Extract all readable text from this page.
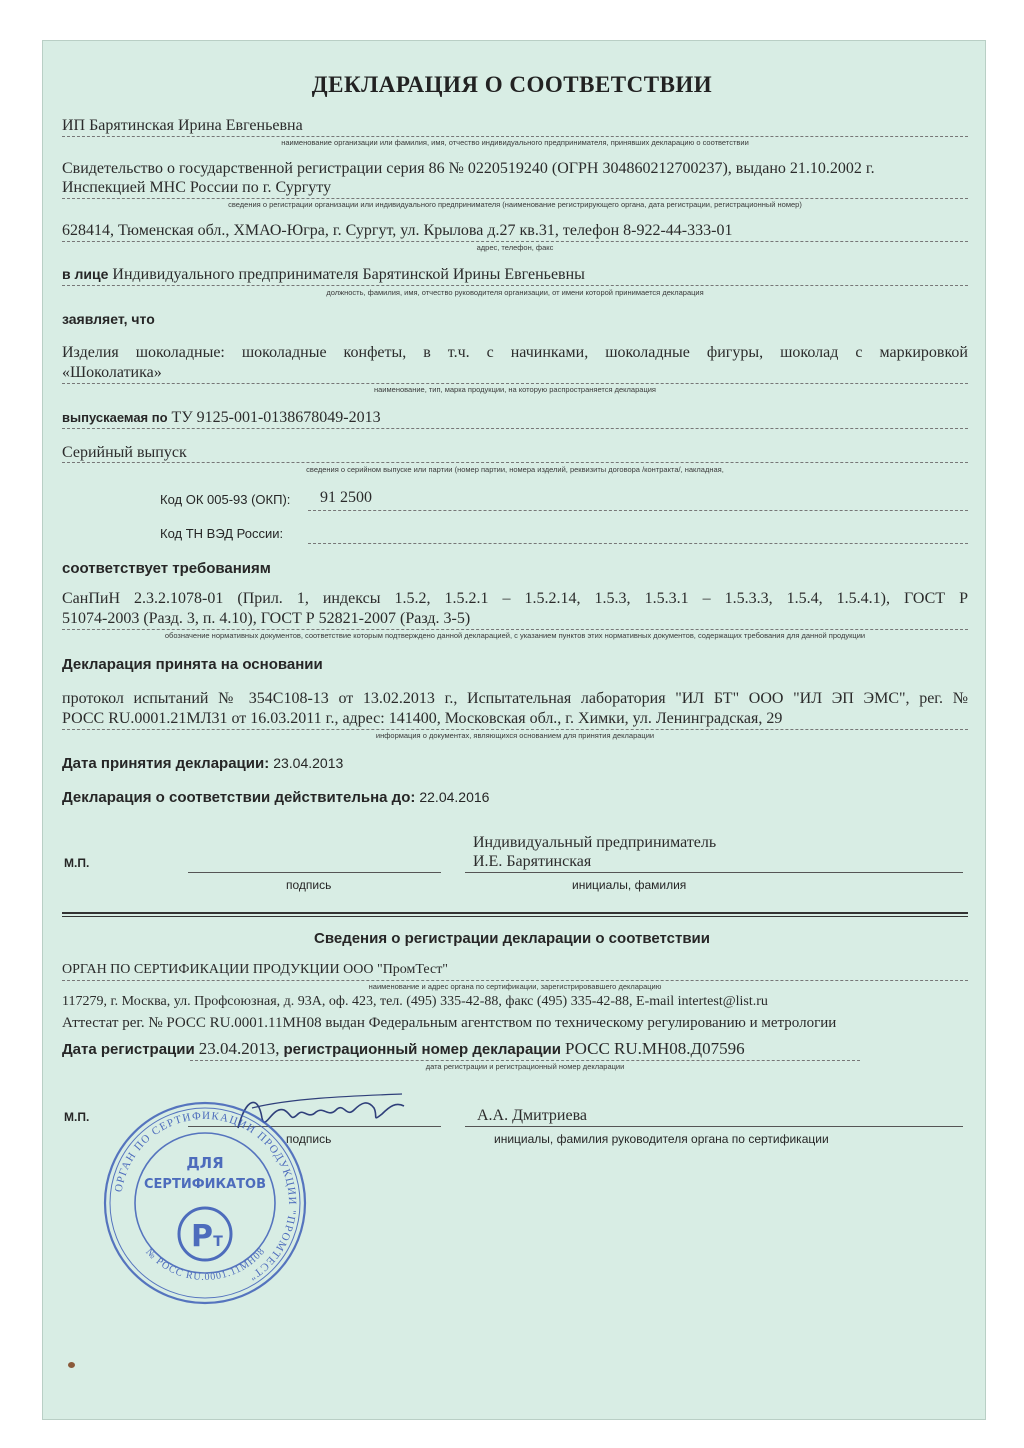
ДЕКЛАРАЦИЯ О СООТВЕТСТВИИ
ИП Барятинская Ирина Евгеньевна
наименование организации или фамилия, имя, отчество индивидуального предпринимателя, принявших декларацию о соответствии
Свидетельство о государственной регистрации серия 86 № 0220519240 (ОГРН 304860212700237), выдано 21.10.2002 г.
Инспекцией МНС России по г. Сургуту
сведения о регистрации организации или индивидуального предпринимателя (наименование регистрирующего органа, дата регистрации, регистрационный номер)
628414, Тюменская обл., ХМАО-Югра, г. Сургут, ул. Крылова д.27 кв.31, телефон 8-922-44-333-01
адрес, телефон, факс
в лице Индивидуального предпринимателя Барятинской Ирины Евгеньевны
должность, фамилия, имя, отчество руководителя организации, от имени которой принимается декларация
заявляет, что
Изделия шоколадные: шоколадные конфеты, в т.ч. с начинками, шоколадные фигуры, шоколад с маркировкой
«Шоколатика»
наименование, тип, марка продукции, на которую распространяется декларация
выпускаемая по ТУ 9125-001-0138678049-2013
Серийный выпуск
сведения о серийном выпуске или партии (номер партии, номера изделий, реквизиты договора /контракта/, накладная,
Код ОК 005-93 (ОКП): 91 2500
Код ТН ВЭД России:
соответствует требованиям
СанПиН 2.3.2.1078-01 (Прил. 1, индексы 1.5.2, 1.5.2.1 – 1.5.2.14, 1.5.3, 1.5.3.1 – 1.5.3.3, 1.5.4, 1.5.4.1), ГОСТ Р
51074-2003 (Разд. 3, п. 4.10), ГОСТ Р 52821-2007 (Разд. 3-5)
обозначение нормативных документов, соответствие которым подтверждено данной декларацией, с указанием пунктов этих нормативных документов, содержащих требования для данной продукции
Декларация принята на основании
протокол испытаний № 354С108-13 от 13.02.2013 г., Испытательная лаборатория "ИЛ БТ" ООО "ИЛ ЭП ЭМС", рег. №
РОСС RU.0001.21МЛ31 от 16.03.2011 г., адрес: 141400, Московская обл., г. Химки, ул. Ленинградская, 29
информация о документах, являющихся основанием для принятия декларации
Дата принятия декларации: 23.04.2013
Декларация о соответствии действительна до: 22.04.2016
М.П.
подпись
Индивидуальный предприниматель
И.Е. Барятинская
инициалы, фамилия
Сведения о регистрации декларации о соответствии
ОРГАН ПО СЕРТИФИКАЦИИ ПРОДУКЦИИ ООО "ПромТест"
наименование и адрес органа по сертификации, зарегистрировавшего декларацию
117279, г. Москва, ул. Профсоюзная, д. 93А, оф. 423, тел. (495) 335-42-88, факс (495) 335-42-88, E-mail intertest@list.ru
Аттестат рег. № РОСС RU.0001.11МН08 выдан Федеральным агентством по техническому регулированию и метрологии
Дата регистрации 23.04.2013, регистрационный номер декларации РОСС RU.МН08.Д07596
дата регистрации и регистрационный номер декларации
М.П.
подпись
А.А. Дмитриева
инициалы, фамилия руководителя органа по сертификации
ОРГАН ПО СЕРТИФИКАЦИИ ПРОДУКЦИИ "ПРОМТЕСТ"
№ РОСС RU.0001.11МН08
ДЛЯ
СЕРТИФИКАТОВ
Р Т
